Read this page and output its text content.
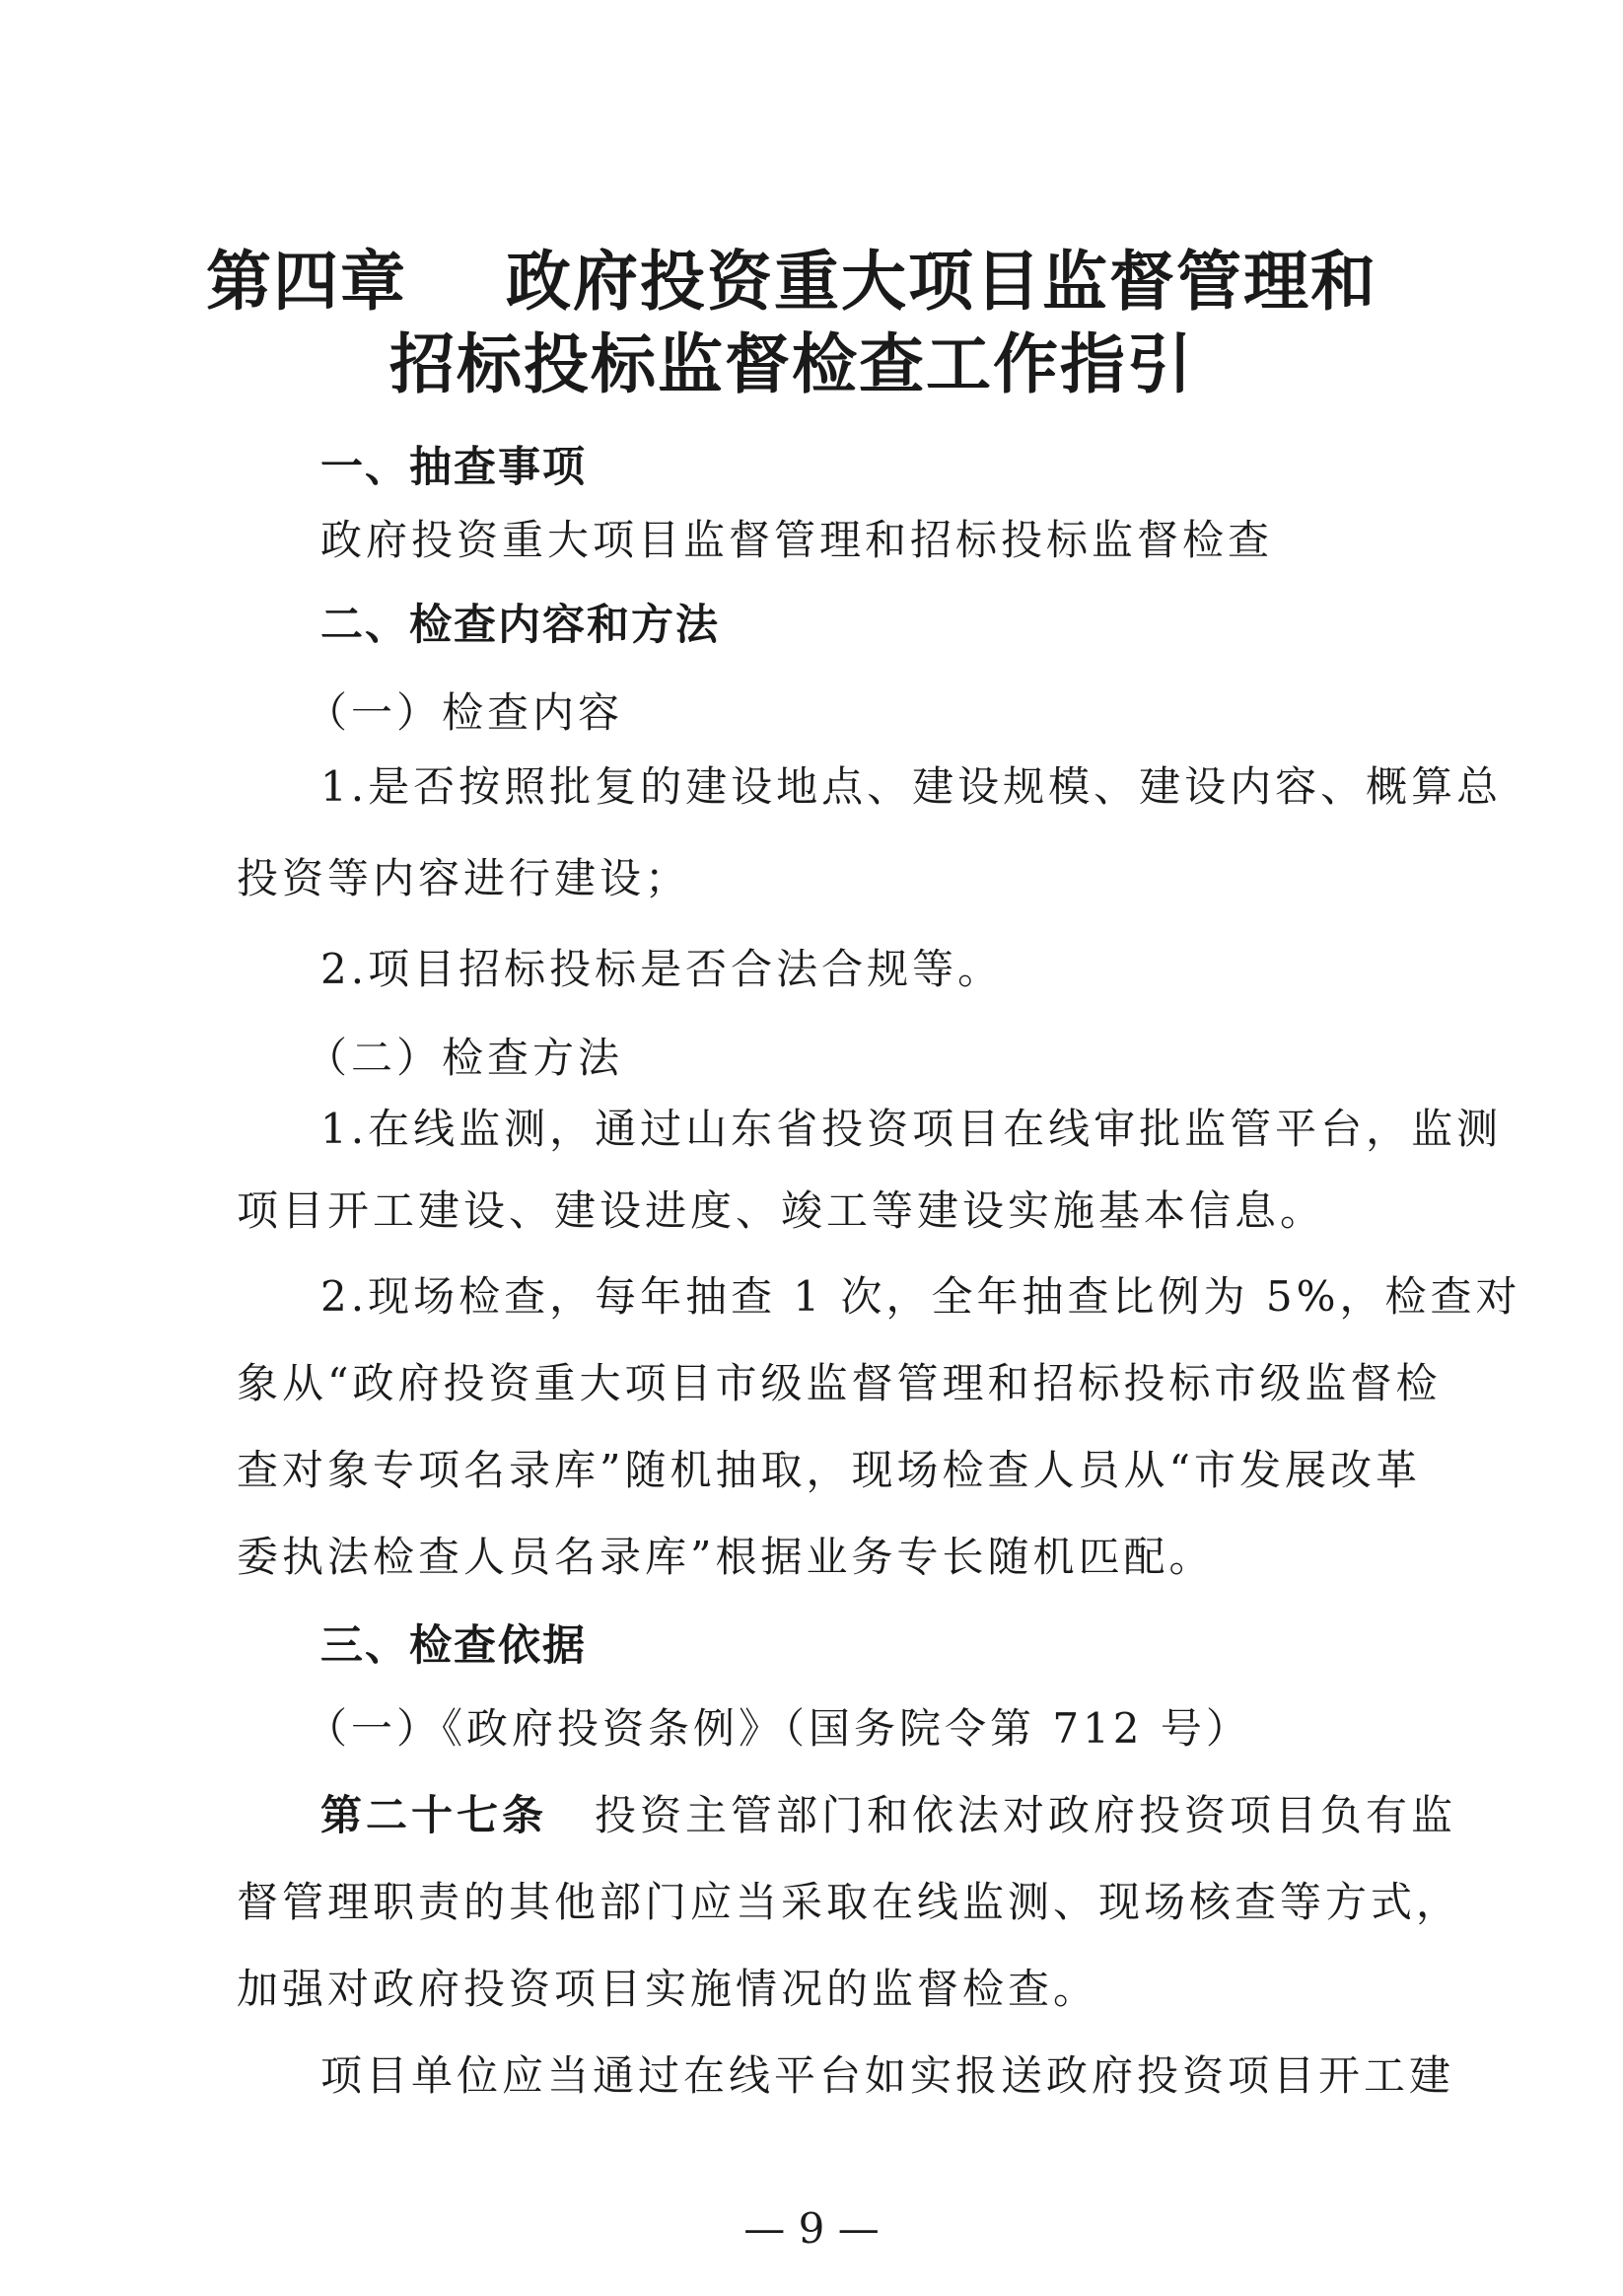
第四章    政府投资重大项目监督管理和
招标投标监督检查工作指引
一、抽查事项
政府投资重大项目监督管理和招标投标监督检查
二、检查内容和方法
（一）检查内容
1.是否按照批复的建设地点、建设规模、建设内容、概算总
投资等内容进行建设；
2.项目招标投标是否合法合规等。
（二）检查方法
1.在线监测，通过山东省投资项目在线审批监管平台，监测
项目开工建设、建设进度、竣工等建设实施基本信息。
2.现场检查，每年抽查 1 次，全年抽查比例为 5%，检查对
象从“政府投资重大项目市级监督管理和招标投标市级监督检
查对象专项名录库”随机抽取，现场检查人员从“市发展改革
委执法检查人员名录库”根据业务专长随机匹配。
三、检查依据
（一）《政府投资条例》（国务院令第 712 号）
第二十七条 投资主管部门和依法对政府投资项目负有监
督管理职责的其他部门应当采取在线监测、现场核查等方式，
加强对政府投资项目实施情况的监督检查。
项目单位应当通过在线平台如实报送政府投资项目开工建
— 9 —
